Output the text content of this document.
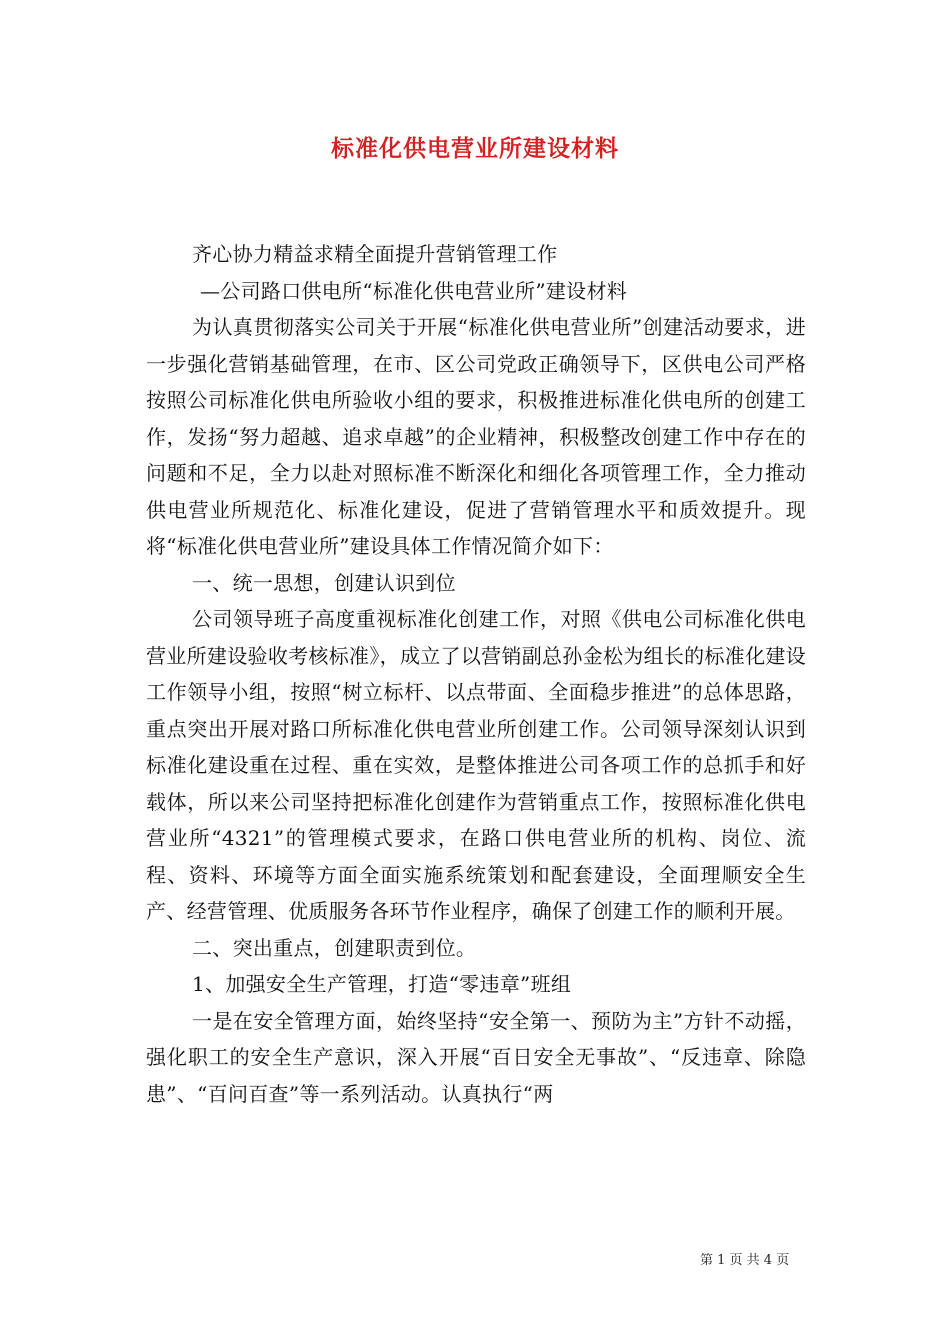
标准化供电营业所建设材料

齐心协力精益求精全面提升营销管理工作

—公司路口供电所“标准化供电营业所”建设材料

为认真贯彻落实公司关于开展“标准化供电营业所”创建活动要求，进一步强化营销基础管理，在市、区公司党政正确领导下，区供电公司严格按照公司标准化供电所验收小组的要求，积极推进标准化供电所的创建工作，发扬“努力超越、追求卓越”的企业精神，积极整改创建工作中存在的问题和不足，全力以赴对照标准不断深化和细化各项管理工作，全力推动供电营业所规范化、标准化建设，促进了营销管理水平和质效提升。现将“标准化供电营业所”建设具体工作情况简介如下：

一、统一思想，创建认识到位

公司领导班子高度重视标准化创建工作，对照《供电公司标准化供电营业所建设验收考核标准》，成立了以营销副总孙金松为组长的标准化建设工作领导小组，按照“树立标杆、以点带面、全面稳步推进”的总体思路，重点突出开展对路口所标准化供电营业所创建工作。公司领导深刻认识到标准化建设重在过程、重在实效，是整体推进公司各项工作的总抓手和好载体，所以来公司坚持把标准化创建作为营销重点工作，按照标准化供电营业所“4321”的管理模式要求，在路口供电营业所的机构、岗位、流程、资料、环境等方面全面实施系统策划和配套建设，全面理顺安全生产、经营管理、优质服务各环节作业程序，确保了创建工作的顺利开展。

二、突出重点，创建职责到位。

1、加强安全生产管理，打造“零违章”班组

一是在安全管理方面，始终坚持“安全第一、预防为主”方针不动摇，强化职工的安全生产意识，深入开展“百日安全无事故”、“反违章、除隐患”、“百问百查”等一系列活动。认真执行“两

第 1 页 共 4 页
